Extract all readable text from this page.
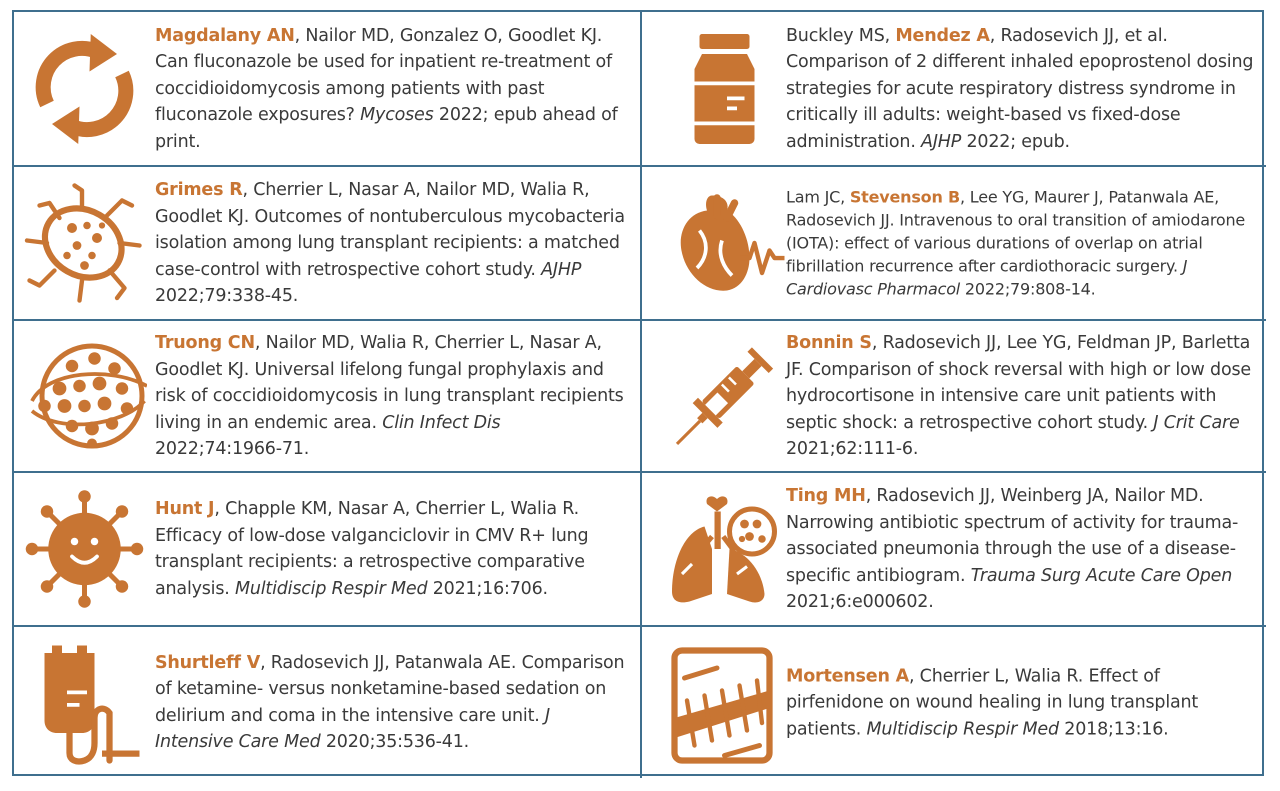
Magdalany AN, Nailor MD, Gonzalez O, Goodlet KJ. Can fluconazole be used for inpatient re-treatment of coccidioidomycosis among patients with past fluconazole exposures? Mycoses 2022; epub ahead of print.
Buckley MS, Mendez A, Radosevich JJ, et al. Comparison of 2 different inhaled epoprostenol dosing strategies for acute respiratory distress syndrome in critically ill adults: weight-based vs fixed-dose administration. AJHP 2022; epub.
Grimes R, Cherrier L, Nasar A, Nailor MD, Walia R, Goodlet KJ. Outcomes of nontuberculous mycobacteria isolation among lung transplant recipients: a matched case-control with retrospective cohort study. AJHP 2022;79:338-45.
Lam JC, Stevenson B, Lee YG, Maurer J, Patanwala AE, Radosevich JJ. Intravenous to oral transition of amiodarone (IOTA): effect of various durations of overlap on atrial fibrillation recurrence after cardiothoracic surgery. J Cardiovasc Pharmacol 2022;79:808-14.
Truong CN, Nailor MD, Walia R, Cherrier L, Nasar A, Goodlet KJ. Universal lifelong fungal prophylaxis and risk of coccidioidomycosis in lung transplant recipients living in an endemic area. Clin Infect Dis 2022;74:1966-71.
Bonnin S, Radosevich JJ, Lee YG, Feldman JP, Barletta JF. Comparison of shock reversal with high or low dose hydrocortisone in intensive care unit patients with septic shock: a retrospective cohort study. J Crit Care 2021;62:111-6.
Hunt J, Chapple KM, Nasar A, Cherrier L, Walia R. Efficacy of low-dose valganciclovir in CMV R+ lung transplant recipients: a retrospective comparative analysis. Multidiscip Respir Med 2021;16:706.
Ting MH, Radosevich JJ, Weinberg JA, Nailor MD. Narrowing antibiotic spectrum of activity for trauma-associated pneumonia through the use of a disease-specific antibiogram. Trauma Surg Acute Care Open 2021;6:e000602.
Shurtleff V, Radosevich JJ, Patanwala AE. Comparison of ketamine- versus nonketamine-based sedation on delirium and coma in the intensive care unit. J Intensive Care Med 2020;35:536-41.
Mortensen A, Cherrier L, Walia R. Effect of pirfenidone on wound healing in lung transplant patients. Multidiscip Respir Med 2018;13:16.
